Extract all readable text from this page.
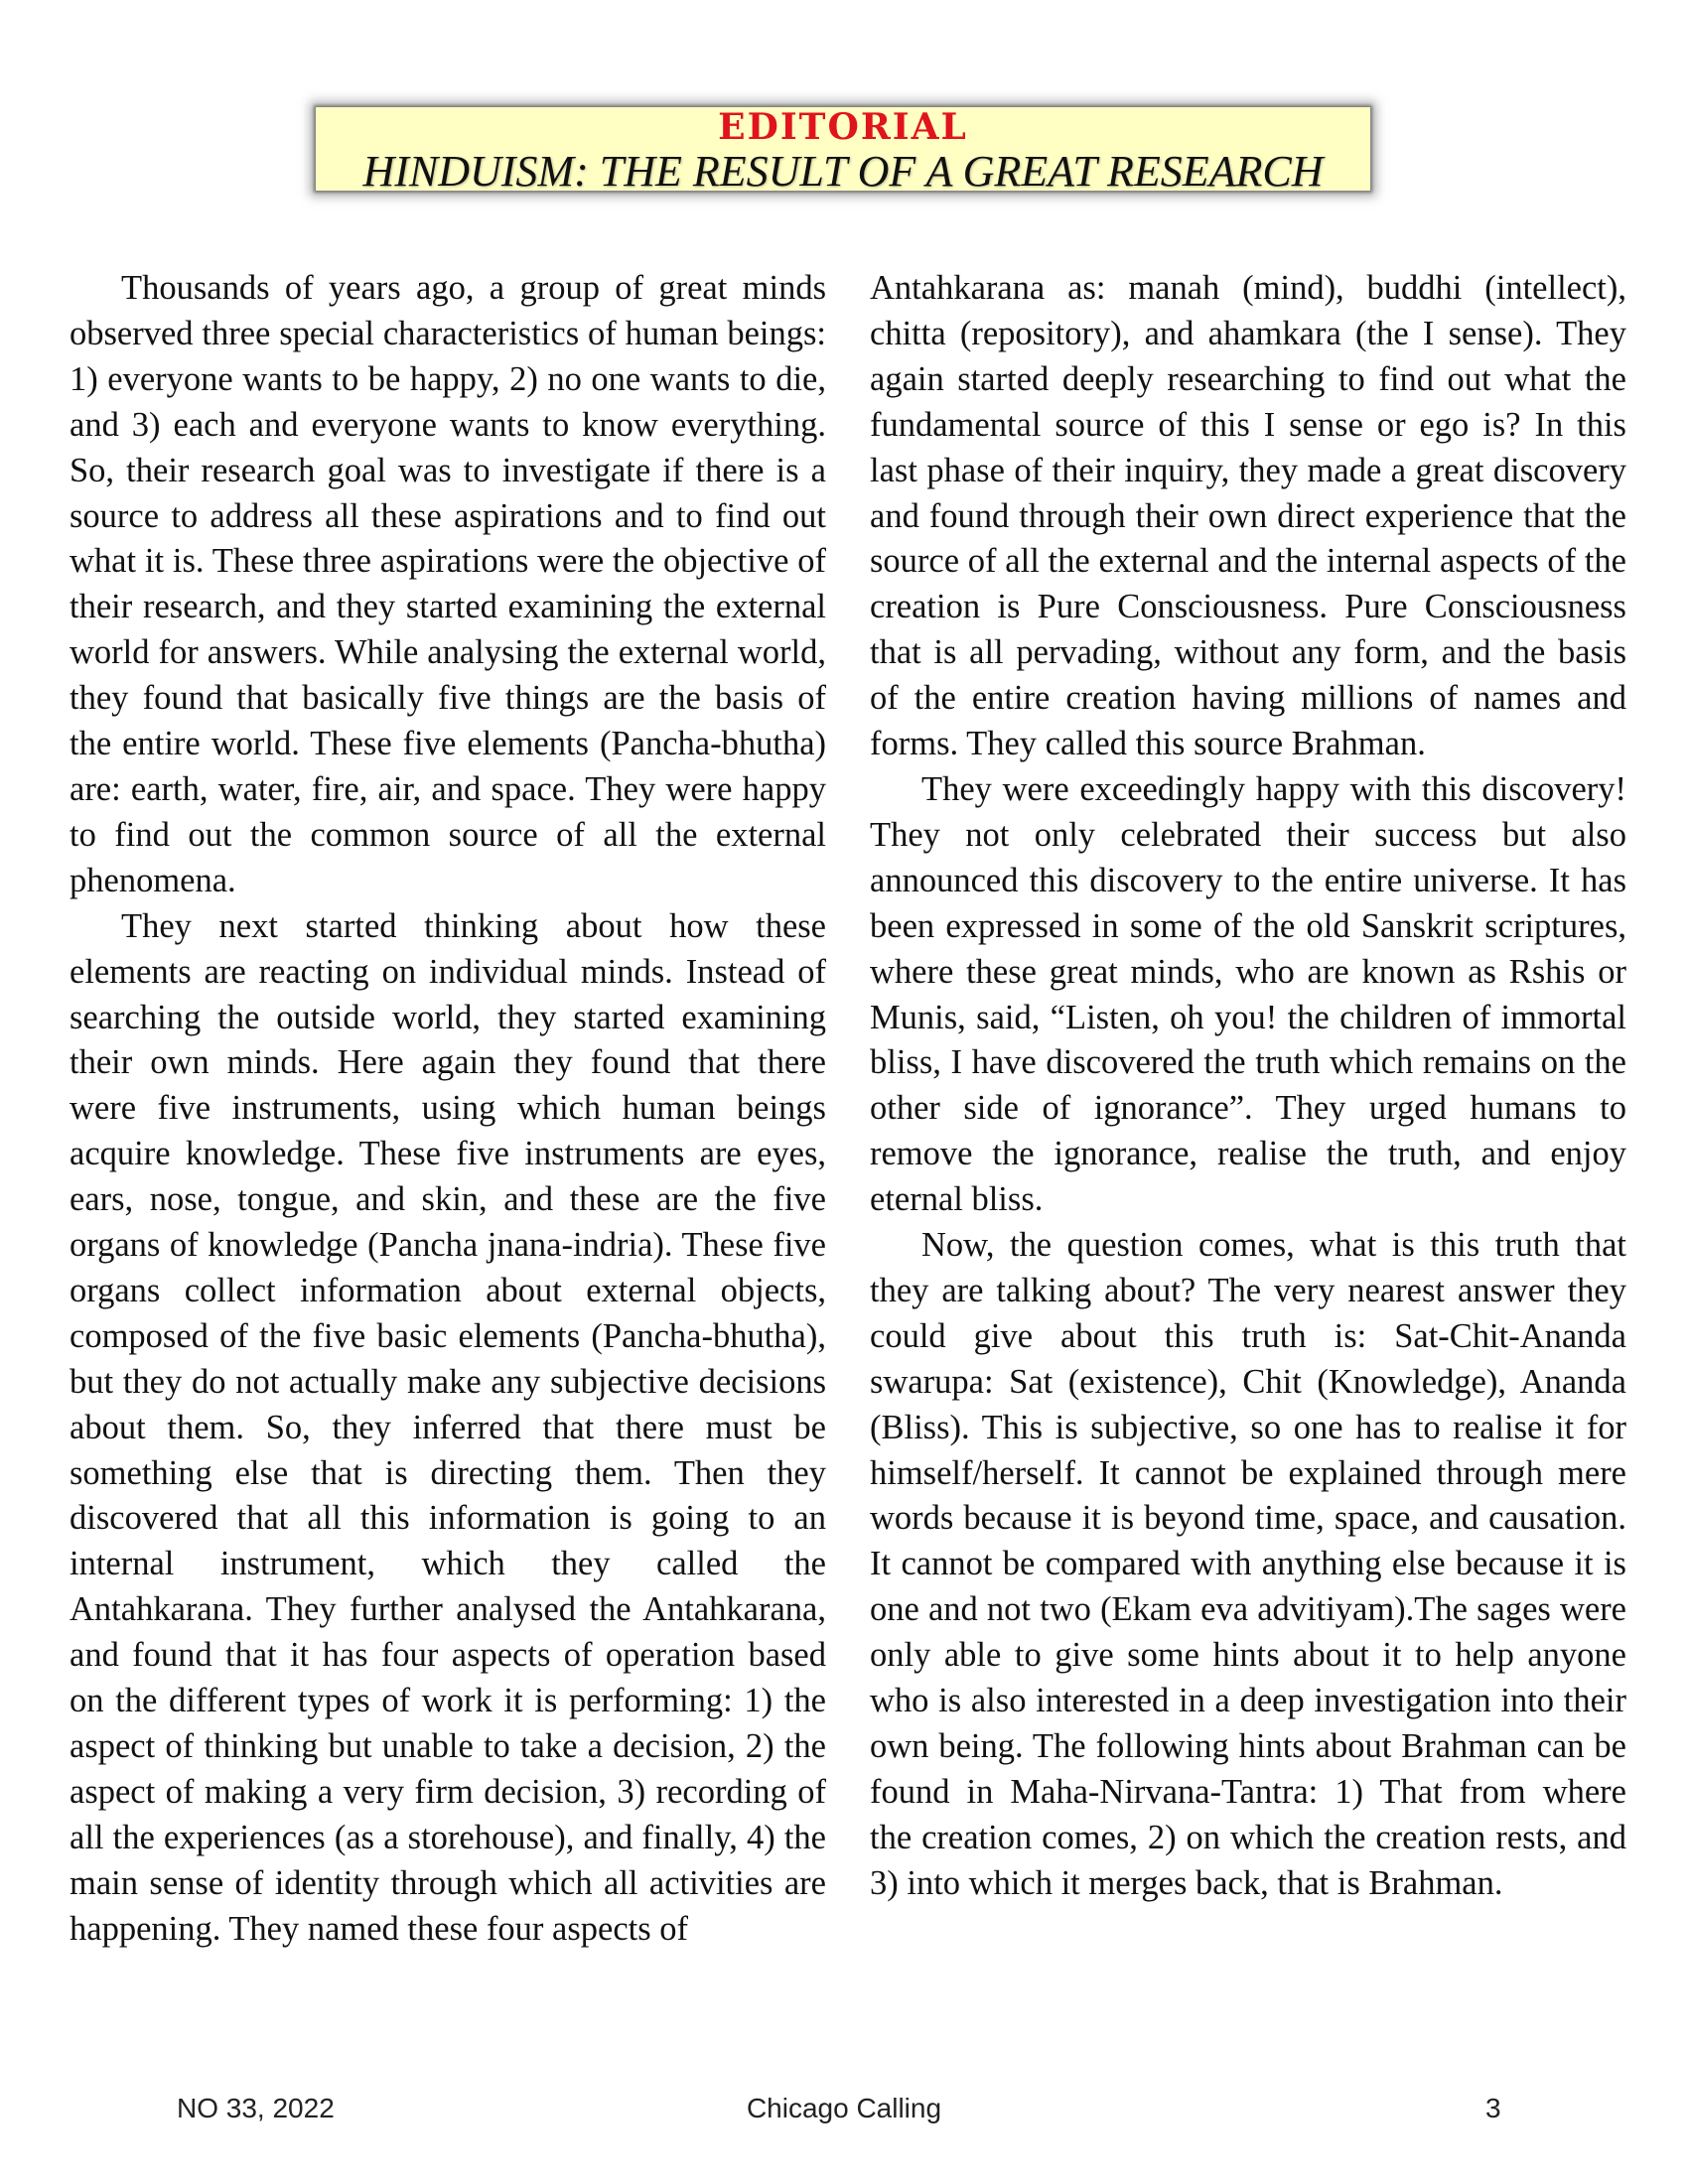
EDITORIAL
HINDUISM: THE RESULT OF A GREAT RESEARCH

Thousands of years ago, a group of great minds observed three special characteristics of human beings: 1) everyone wants to be happy, 2) no one wants to die, and 3) each and everyone wants to know everything. So, their research goal was to investigate if there is a source to address all these aspirations and to find out what it is. These three aspirations were the objective of their research, and they started examining the external world for answers. While analysing the external world, they found that basically five things are the basis of the entire world. These five elements (Pancha-bhutha) are: earth, water, fire, air, and space. They were happy to find out the common source of all the external phenomena.

They next started thinking about how these elements are reacting on individual minds. Instead of searching the outside world, they started examining their own minds. Here again they found that there were five instruments, using which human beings acquire knowledge. These five instruments are eyes, ears, nose, tongue, and skin, and these are the five organs of knowledge (Pancha jnana-indria). These five organs collect information about external objects, composed of the five basic elements (Pancha-bhutha), but they do not actually make any subjective decisions about them. So, they inferred that there must be something else that is directing them. Then they discovered that all this information is going to an internal instrument, which they called the Antahkarana. They further analysed the Antahkarana, and found that it has four aspects of operation based on the different types of work it is performing: 1) the aspect of thinking but unable to take a decision, 2) the aspect of making a very firm decision, 3) recording of all the experiences (as a storehouse), and finally, 4) the main sense of identity through which all activities are happening. They named these four aspects of

Antahkarana as: manah (mind), buddhi (intellect), chitta (repository), and ahamkara (the I sense). They again started deeply researching to find out what the fundamental source of this I sense or ego is? In this last phase of their inquiry, they made a great discovery and found through their own direct experience that the source of all the external and the internal aspects of the creation is Pure Consciousness. Pure Consciousness that is all pervading, without any form, and the basis of the entire creation having millions of names and forms. They called this source Brahman.

They were exceedingly happy with this discovery! They not only celebrated their success but also announced this discovery to the entire universe. It has been expressed in some of the old Sanskrit scriptures, where these great minds, who are known as Rshis or Munis, said, “Listen, oh you! the children of immortal bliss, I have discovered the truth which remains on the other side of ignorance”. They urged humans to remove the ignorance, realise the truth, and enjoy eternal bliss.

Now, the question comes, what is this truth that they are talking about? The very nearest answer they could give about this truth is: Sat-Chit-Ananda swarupa: Sat (existence), Chit (Knowledge), Ananda (Bliss). This is subjective, so one has to realise it for himself/herself. It cannot be explained through mere words because it is beyond time, space, and causation. It cannot be compared with anything else because it is one and not two (Ekam eva advitiyam).The sages were only able to give some hints about it to help anyone who is also interested in a deep investigation into their own being. The following hints about Brahman can be found in Maha-Nirvana-Tantra: 1) That from where the creation comes, 2) on which the creation rests, and 3) into which it merges back, that is Brahman.

NO 33, 2022	Chicago Calling	3
